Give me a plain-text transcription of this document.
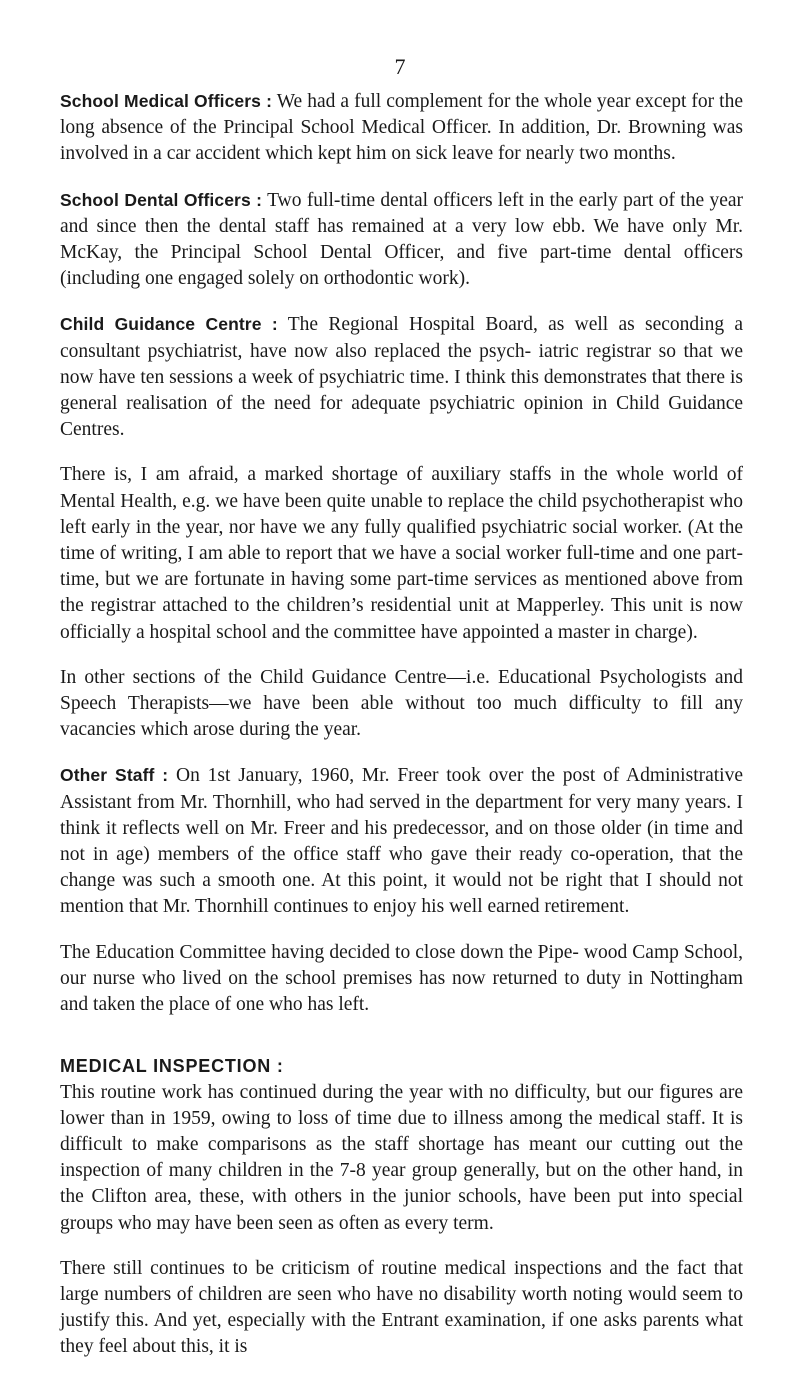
7

School Medical Officers : We had a full complement for the whole year except for the long absence of the Principal School Medical Officer. In addition, Dr. Browning was involved in a car accident which kept him on sick leave for nearly two months.

School Dental Officers : Two full-time dental officers left in the early part of the year and since then the dental staff has remained at a very low ebb. We have only Mr. McKay, the Principal School Dental Officer, and five part-time dental officers (including one engaged solely on orthodontic work).

Child Guidance Centre : The Regional Hospital Board, as well as seconding a consultant psychiatrist, have now also replaced the psych- iatric registrar so that we now have ten sessions a week of psychiatric time. I think this demonstrates that there is general realisation of the need for adequate psychiatric opinion in Child Guidance Centres.

There is, I am afraid, a marked shortage of auxiliary staffs in the whole world of Mental Health, e.g. we have been quite unable to replace the child psychotherapist who left early in the year, nor have we any fully qualified psychiatric social worker. (At the time of writing, I am able to report that we have a social worker full-time and one part-time, but we are fortunate in having some part-time services as mentioned above from the registrar attached to the children’s residential unit at Mapperley. This unit is now officially a hospital school and the committee have appointed a master in charge).

In other sections of the Child Guidance Centre—i.e. Educational Psychologists and Speech Therapists—we have been able without too much difficulty to fill any vacancies which arose during the year.

Other Staff : On 1st January, 1960, Mr. Freer took over the post of Administrative Assistant from Mr. Thornhill, who had served in the department for very many years. I think it reflects well on Mr. Freer and his predecessor, and on those older (in time and not in age) members of the office staff who gave their ready co-operation, that the change was such a smooth one. At this point, it would not be right that I should not mention that Mr. Thornhill continues to enjoy his well earned retirement.

The Education Committee having decided to close down the Pipe- wood Camp School, our nurse who lived on the school premises has now returned to duty in Nottingham and taken the place of one who has left.

MEDICAL INSPECTION :

This routine work has continued during the year with no difficulty, but our figures are lower than in 1959, owing to loss of time due to illness among the medical staff. It is difficult to make comparisons as the staff shortage has meant our cutting out the inspection of many children in the 7-8 year group generally, but on the other hand, in the Clifton area, these, with others in the junior schools, have been put into special groups who may have been seen as often as every term.

There still continues to be criticism of routine medical inspections and the fact that large numbers of children are seen who have no disability worth noting would seem to justify this. And yet, especially with the Entrant examination, if one asks parents what they feel about this, it is
